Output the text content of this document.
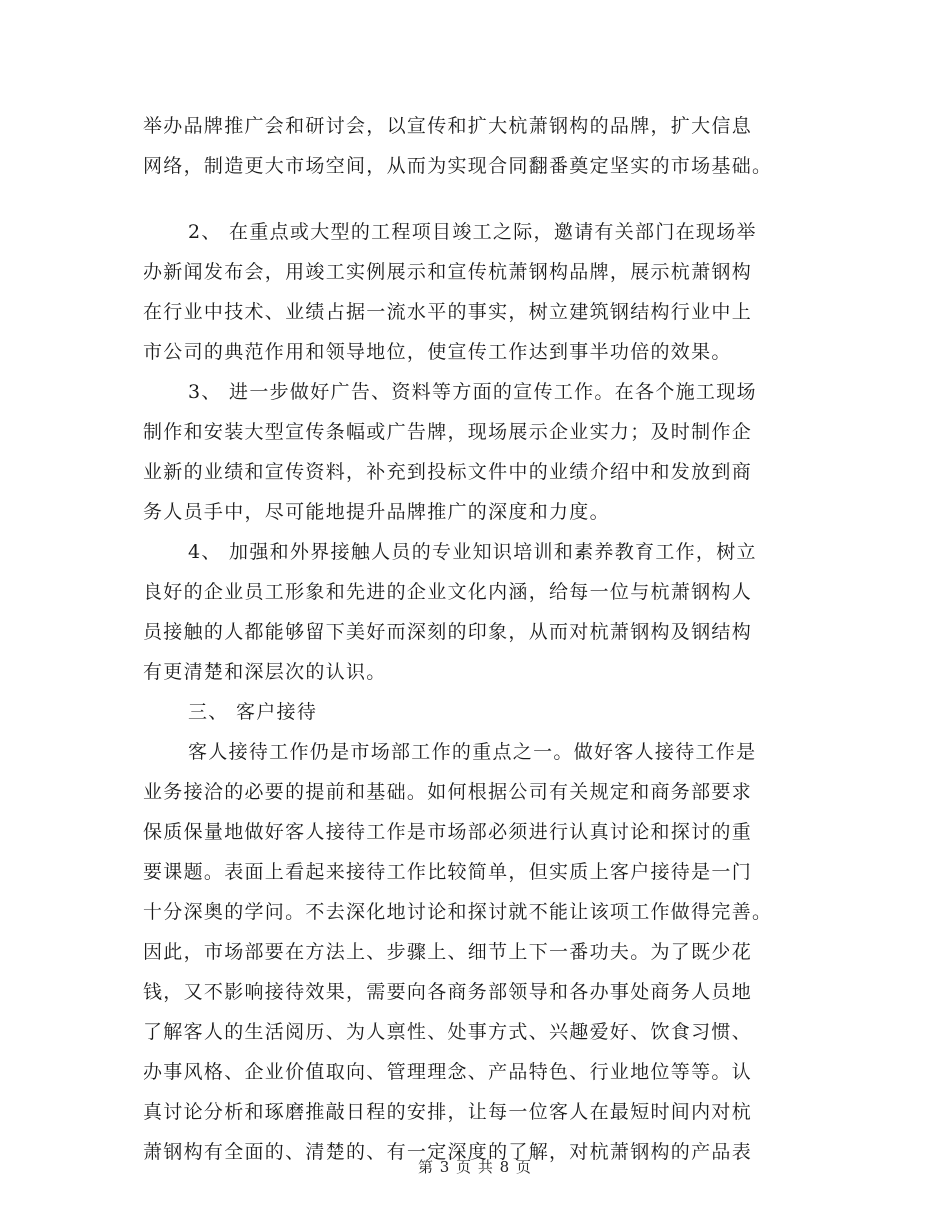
举办品牌推广会和研讨会，以宣传和扩大杭萧钢构的品牌，扩大信息
网络，制造更大市场空间，从而为实现合同翻番奠定坚实的市场基础。
2、 在重点或大型的工程项目竣工之际，邀请有关部门在现场举
办新闻发布会，用竣工实例展示和宣传杭萧钢构品牌，展示杭萧钢构
在行业中技术、业绩占据一流水平的事实，树立建筑钢结构行业中上
市公司的典范作用和领导地位，使宣传工作达到事半功倍的效果。
3、 进一步做好广告、资料等方面的宣传工作。在各个施工现场
制作和安装大型宣传条幅或广告牌，现场展示企业实力；及时制作企
业新的业绩和宣传资料，补充到投标文件中的业绩介绍中和发放到商
务人员手中，尽可能地提升品牌推广的深度和力度。
4、 加强和外界接触人员的专业知识培训和素养教育工作，树立
良好的企业员工形象和先进的企业文化内涵，给每一位与杭萧钢构人
员接触的人都能够留下美好而深刻的印象，从而对杭萧钢构及钢结构
有更清楚和深层次的认识。
三、 客户接待
客人接待工作仍是市场部工作的重点之一。做好客人接待工作是
业务接洽的必要的提前和基础。如何根据公司有关规定和商务部要求
保质保量地做好客人接待工作是市场部必须进行认真讨论和探讨的重
要课题。表面上看起来接待工作比较简单，但实质上客户接待是一门
十分深奥的学问。不去深化地讨论和探讨就不能让该项工作做得完善。
因此，市场部要在方法上、步骤上、细节上下一番功夫。为了既少花
钱，又不影响接待效果，需要向各商务部领导和各办事处商务人员地
了解客人的生活阅历、为人禀性、处事方式、兴趣爱好、饮食习惯、
办事风格、企业价值取向、管理理念、产品特色、行业地位等等。认
真讨论分析和琢磨推敲日程的安排，让每一位客人在最短时间内对杭
萧钢构有全面的、清楚的、有一定深度的了解，对杭萧钢构的产品表
第 3 页 共 8 页
